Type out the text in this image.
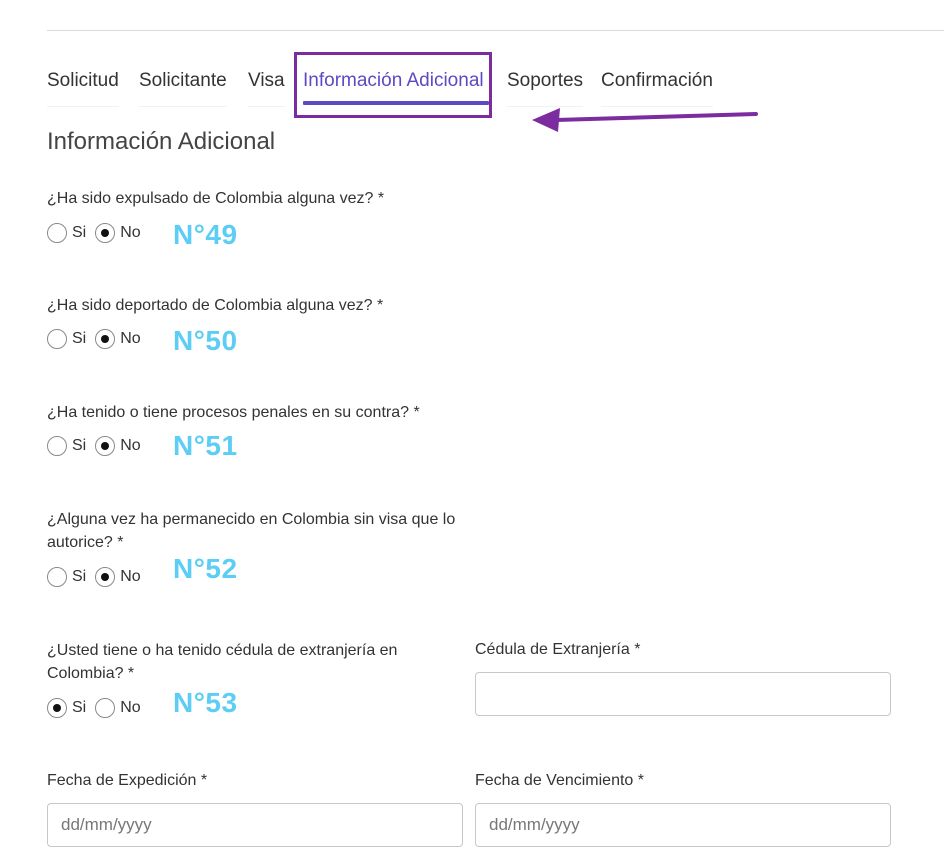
Solicitud Solicitante Visa Información Adicional Soportes Confirmación
Información Adicional
¿Ha sido expulsado de Colombia alguna vez? *
Si No N°49
¿Ha sido deportado de Colombia alguna vez? *
Si No N°50
¿Ha tenido o tiene procesos penales en su contra? *
Si No N°51
¿Alguna vez ha permanecido en Colombia sin visa que lo autorice? *
Si No N°52
¿Usted tiene o ha tenido cédula de extranjería en Colombia? *
Si No N°53
Cédula de Extranjería *
Fecha de Expedición *
dd/mm/yyyy	Fecha de Vencimiento *
dd/mm/yyyy
